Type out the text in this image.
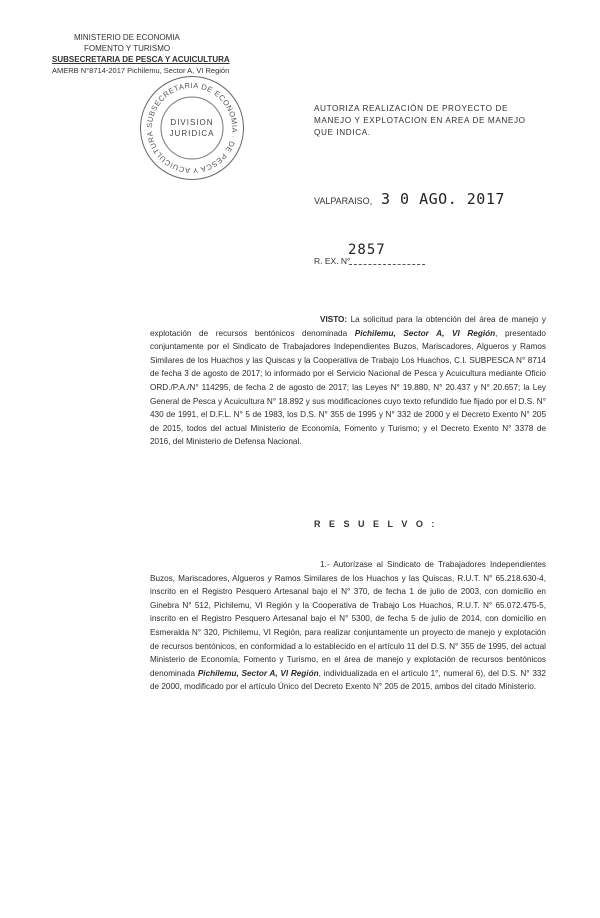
MINISTERIO DE ECONOMIA
FOMENTO Y TURISMO
SUBSECRETARIA DE PESCA Y ACUICULTURA
AMERB N°8714-2017 Pichilemu, Sector A, VI Región
SUBSECRETARIA DE ECONOMIA · DE PESCA Y ACUICULTURA
DIVISION
JURIDICA
AUTORIZA REALIZACIÓN DE PROYECTO DE MANEJO Y EXPLOTACION EN AREA DE MANEJO QUE INDICA.
VALPARAISO, 3 0 AGO. 2017
R. EX. N°
2857
VISTO: La solicitud para la obtención del área de manejo y explotación de recursos bentónicos denominada Pichilemu, Sector A, VI Región, presentado conjuntamente por el Sindicato de Trabajadores Independientes Buzos, Mariscadores, Algueros y Ramos Similares de los Huachos y las Quiscas y la Cooperativa de Trabajo Los Huachos, C.I. SUBPESCA N° 8714 de fecha 3 de agosto de 2017; lo informado por el Servicio Nacional de Pesca y Acuicultura mediante Oficio ORD./P.A./N° 114295, de fecha 2 de agosto de 2017; las Leyes N° 19.880, N° 20.437 y N° 20.657; la Ley General de Pesca y Acuicultura N° 18.892 y sus modificaciones cuyo texto refundido fue fijado por el D.S. N° 430 de 1991, el D.F.L. N° 5 de 1983, los D.S. N° 355 de 1995 y N° 332 de 2000 y el Decreto Exento N° 205 de 2015, todos del actual Ministerio de Economía, Fomento y Turismo; y el Decreto Exento N° 3378 de 2016, del Ministerio de Defensa Nacional.
R E S U E L V O :
1.- Autorízase al Sindicato de Trabajadores Independientes Buzos, Mariscadores, Algueros y Ramos Similares de los Huachos y las Quiscas, R.U.T. N° 65.218.630-4, inscrito en el Registro Pesquero Artesanal bajo el N° 370, de fecha 1 de julio de 2003, con domicilio en Ginebra N° 512, Pichilemu, VI Región y la Cooperativa de Trabajo Los Huachos, R.U.T. N° 65.072.475-5, inscrito en el Registro Pesquero Artesanal bajo el N° 5300, de fecha 5 de julio de 2014, con domicilio en Esmeralda N° 320, Pichilemu, VI Región, para realizar conjuntamente un proyecto de manejo y explotación de recursos bentónicos, en conformidad a lo establecido en el artículo 11 del D.S. N° 355 de 1995, del actual Ministerio de Economía, Fomento y Turismo, en el área de manejo y explotación de recursos bentónicos denominada Pichilemu, Sector A, VI Región, individualizada en el artículo 1°, numeral 6), del D.S. N° 332 de 2000, modificado por el artículo Único del Decreto Exento N° 205 de 2015, ambos del citado Ministerio.
